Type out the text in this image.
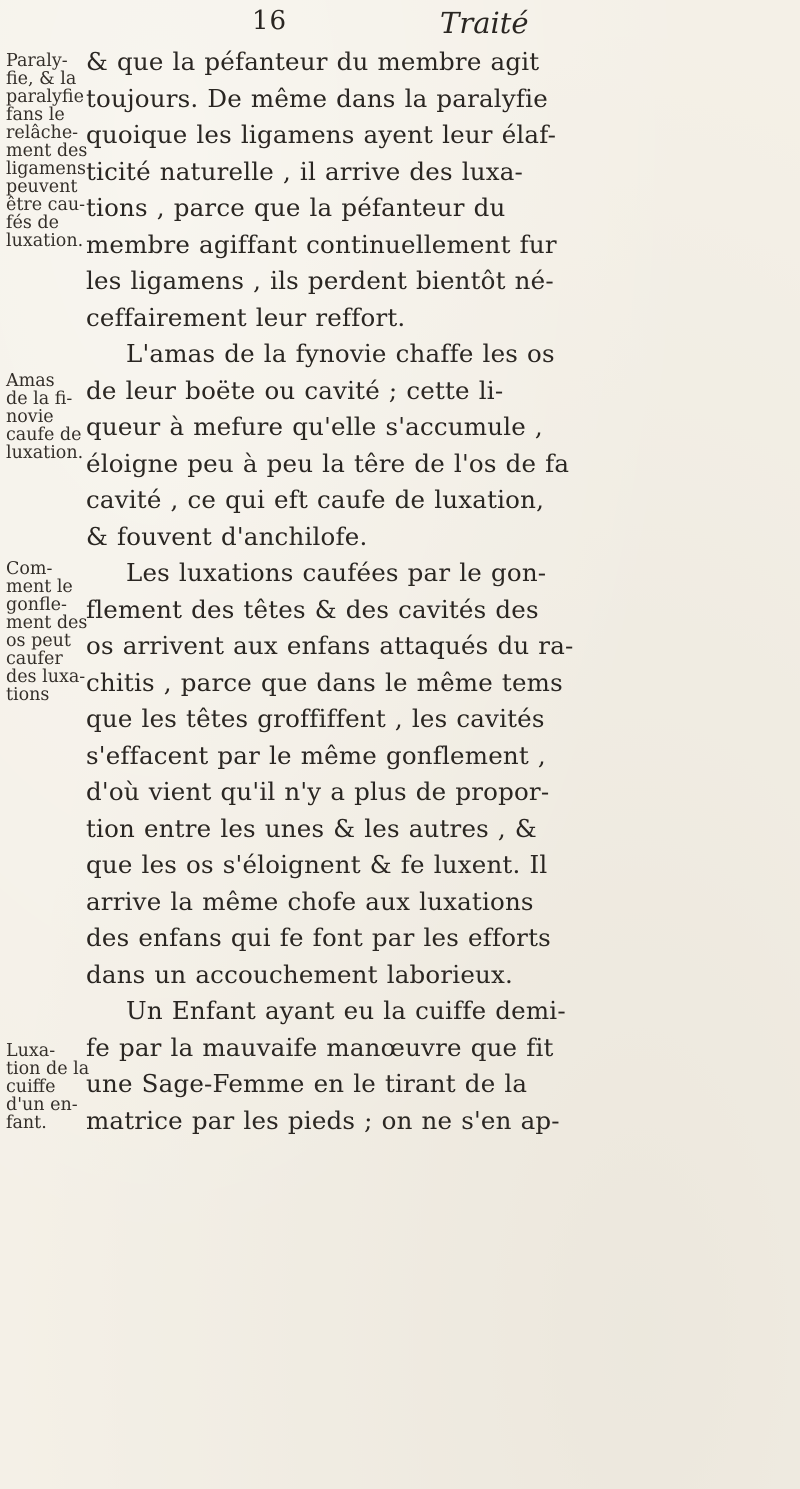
16	Traité
Paraly-
fie, & la
paralyfie
fans le
relâche-
ment des
ligamens
peuvent
être cau-
fés de
luxation.
Amas
de la fi-
novie
caufe de
luxation.
Com-
ment le
gonfle-
ment des
os peut
caufer
des luxa-
tions
Luxa-
tion de la
cuiffe
d'un en-
fant.
& que la péfanteur du membre agit
toujours. De même dans la paralyfie
quoique les ligamens ayent leur élaf-
ticité naturelle , il arrive des luxa-
tions , parce que la péfanteur du
membre agiffant continuellement fur
les ligamens , ils perdent bientôt né-
ceffairement leur reffort.
L'amas de la fynovie chaffe les os
de leur boëte ou cavité ; cette li-
queur à mefure qu'elle s'accumule ,
éloigne peu à peu la têre de l'os de fa
cavité , ce qui eft caufe de luxation,
& fouvent d'anchilofe.
Les luxations caufées par le gon-
flement des têtes & des cavités des
os arrivent aux enfans attaqués du ra-
chitis , parce que dans le même tems
que les têtes groffiffent , les cavités
s'effacent par le même gonflement ,
d'où vient qu'il n'y a plus de propor-
tion entre les unes & les autres , &
que les os s'éloignent & fe luxent. Il
arrive la même chofe aux luxations
des enfans qui fe font par les efforts
dans un accouchement laborieux.
Un Enfant ayant eu la cuiffe demi-
fe par la mauvaife manœuvre que fit
une Sage-Femme en le tirant de la
matrice par les pieds ; on ne s'en ap-
